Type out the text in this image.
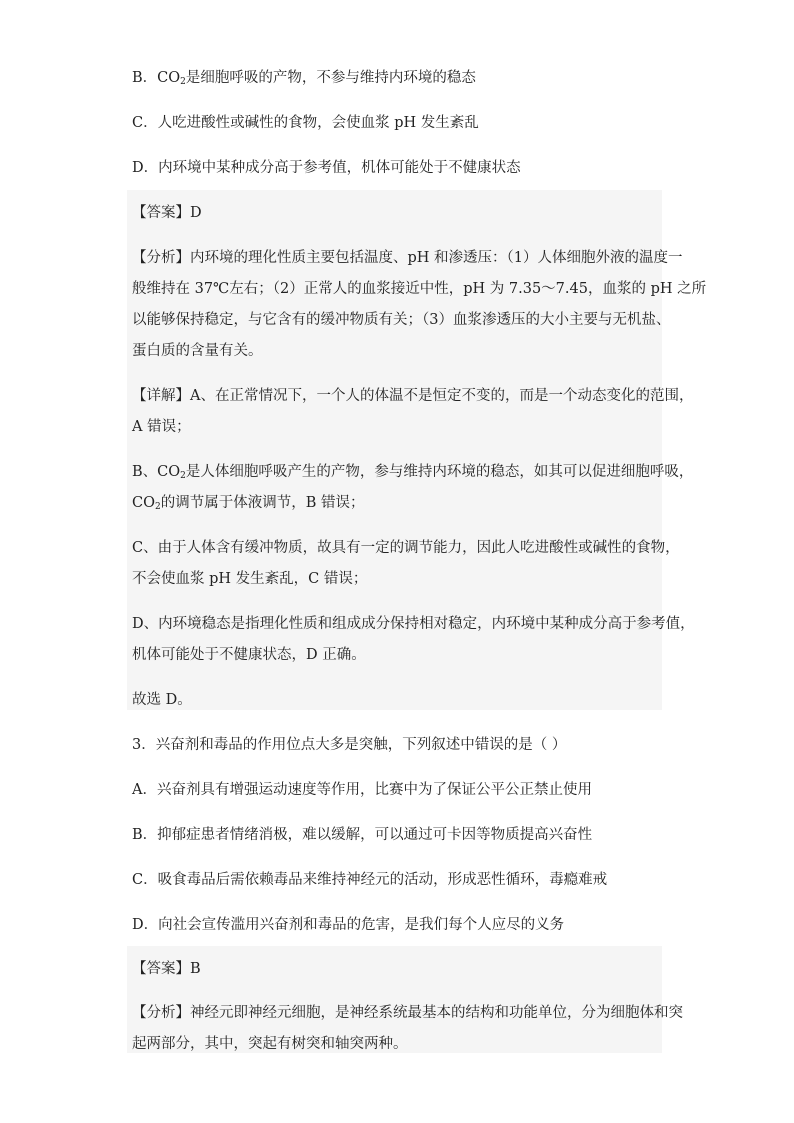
B．$CO_2$是细胞呼吸的产物，不参与维持内环境的稳态
C．人吃进酸性或碱性的食物，会使血浆 pH 发生紊乱
D．内环境中某种成分高于参考值，机体可能处于不健康状态
【答案】D
【分析】内环境的理化性质主要包括温度、pH 和渗透压：（1）人体细胞外液的温度一
般维持在 37℃左右；（2）正常人的血浆接近中性，pH 为 7.35～7.45，血浆的 pH 之所
以能够保持稳定，与它含有的缓冲物质有关；（3）血浆渗透压的大小主要与无机盐、
蛋白质的含量有关。
【详解】A、在正常情况下，一个人的体温不是恒定不变的，而是一个动态变化的范围，
A 错误；
B、$CO_2$是人体细胞呼吸产生的产物，参与维持内环境的稳态，如其可以促进细胞呼吸，
$CO_2$的调节属于体液调节，B 错误；
C、由于人体含有缓冲物质，故具有一定的调节能力，因此人吃进酸性或碱性的食物，
不会使血浆 pH 发生紊乱，C 错误；
D、内环境稳态是指理化性质和组成成分保持相对稳定，内环境中某种成分高于参考值，
机体可能处于不健康状态，D 正确。
故选 D。
3．兴奋剂和毒品的作用位点大多是突触，下列叙述中错误的是（ ）
A．兴奋剂具有增强运动速度等作用，比赛中为了保证公平公正禁止使用
B．抑郁症患者情绪消极，难以缓解，可以通过可卡因等物质提高兴奋性
C．吸食毒品后需依赖毒品来维持神经元的活动，形成恶性循环，毒瘾难戒
D．向社会宣传滥用兴奋剂和毒品的危害，是我们每个人应尽的义务
【答案】B
【分析】神经元即神经元细胞，是神经系统最基本的结构和功能单位，分为细胞体和突
起两部分，其中，突起有树突和轴突两种。
